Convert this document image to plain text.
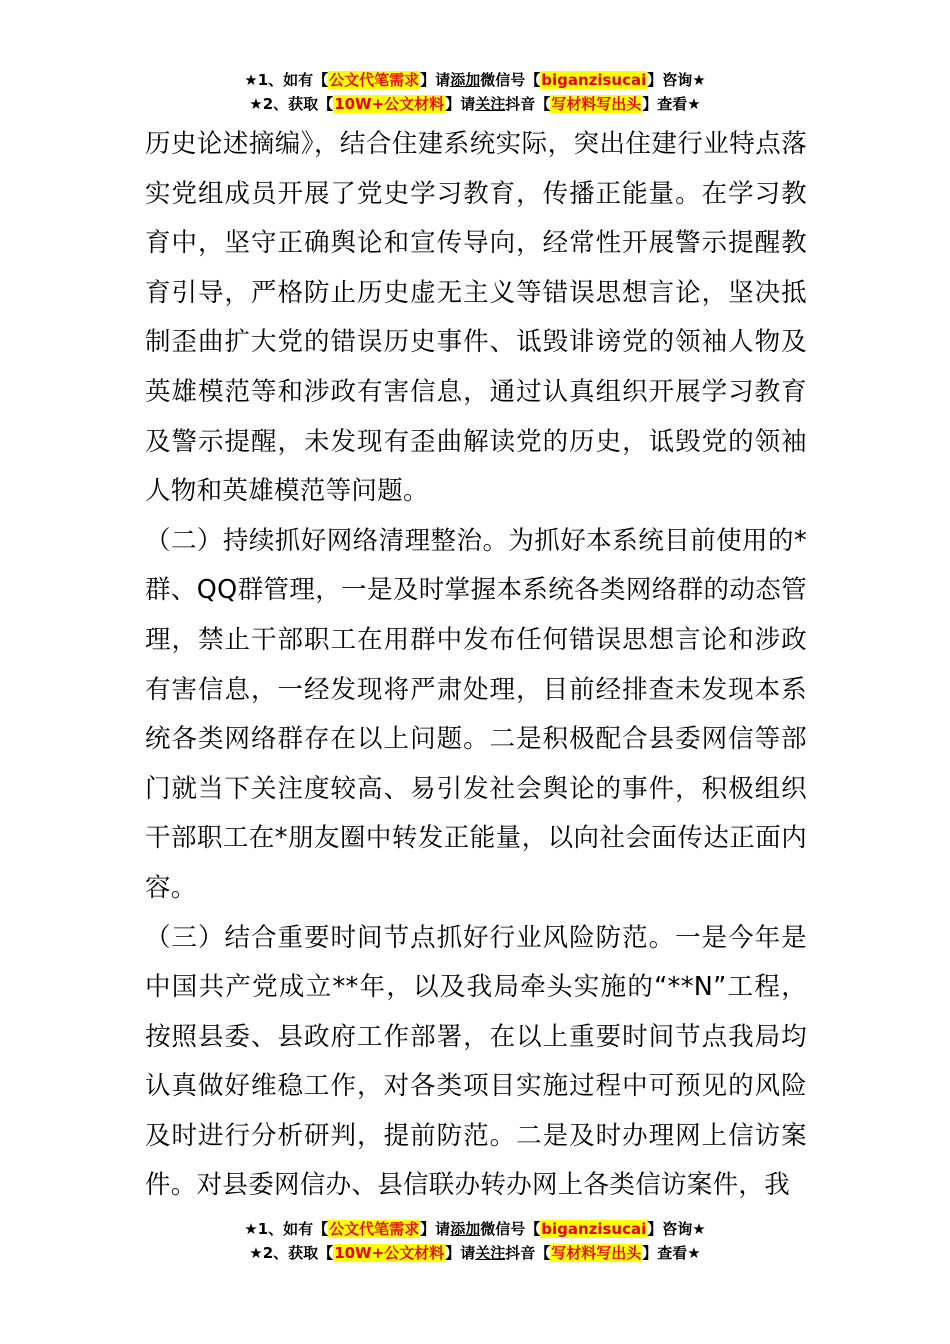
★1、如有【公文代笔需求】请添加微信号【biganzisucai】咨询★
★2、获取【10W+公文材料】请关注抖音【写材料写出头】查看★

历史论述摘编》，结合住建系统实际，突出住建行业特点落实党组成员开展了党史学习教育，传播正能量。在学习教育中，坚守正确舆论和宣传导向，经常性开展警示提醒教育引导，严格防止历史虚无主义等错误思想言论，坚决抵制歪曲扩大党的错误历史事件、诋毁诽谤党的领袖人物及英雄模范等和涉政有害信息，通过认真组织开展学习教育及警示提醒，未发现有歪曲解读党的历史，诋毁党的领袖人物和英雄模范等问题。

（二）持续抓好网络清理整治。为抓好本系统目前使用的*群、QQ群管理，一是及时掌握本系统各类网络群的动态管理，禁止干部职工在用群中发布任何错误思想言论和涉政有害信息，一经发现将严肃处理，目前经排查未发现本系统各类网络群存在以上问题。二是积极配合县委网信等部门就当下关注度较高、易引发社会舆论的事件，积极组织干部职工在*朋友圈中转发正能量，以向社会面传达正面内容。

（三）结合重要时间节点抓好行业风险防范。一是今年是中国共产党成立**年，以及我局牵头实施的“**N”工程，按照县委、县政府工作部署，在以上重要时间节点我局均认真做好维稳工作，对各类项目实施过程中可预见的风险及时进行分析研判，提前防范。二是及时办理网上信访案件。对县委网信办、县信联办转办网上各类信访案件，我

★1、如有【公文代笔需求】请添加微信号【biganzisucai】咨询★
★2、获取【10W+公文材料】请关注抖音【写材料写出头】查看★
